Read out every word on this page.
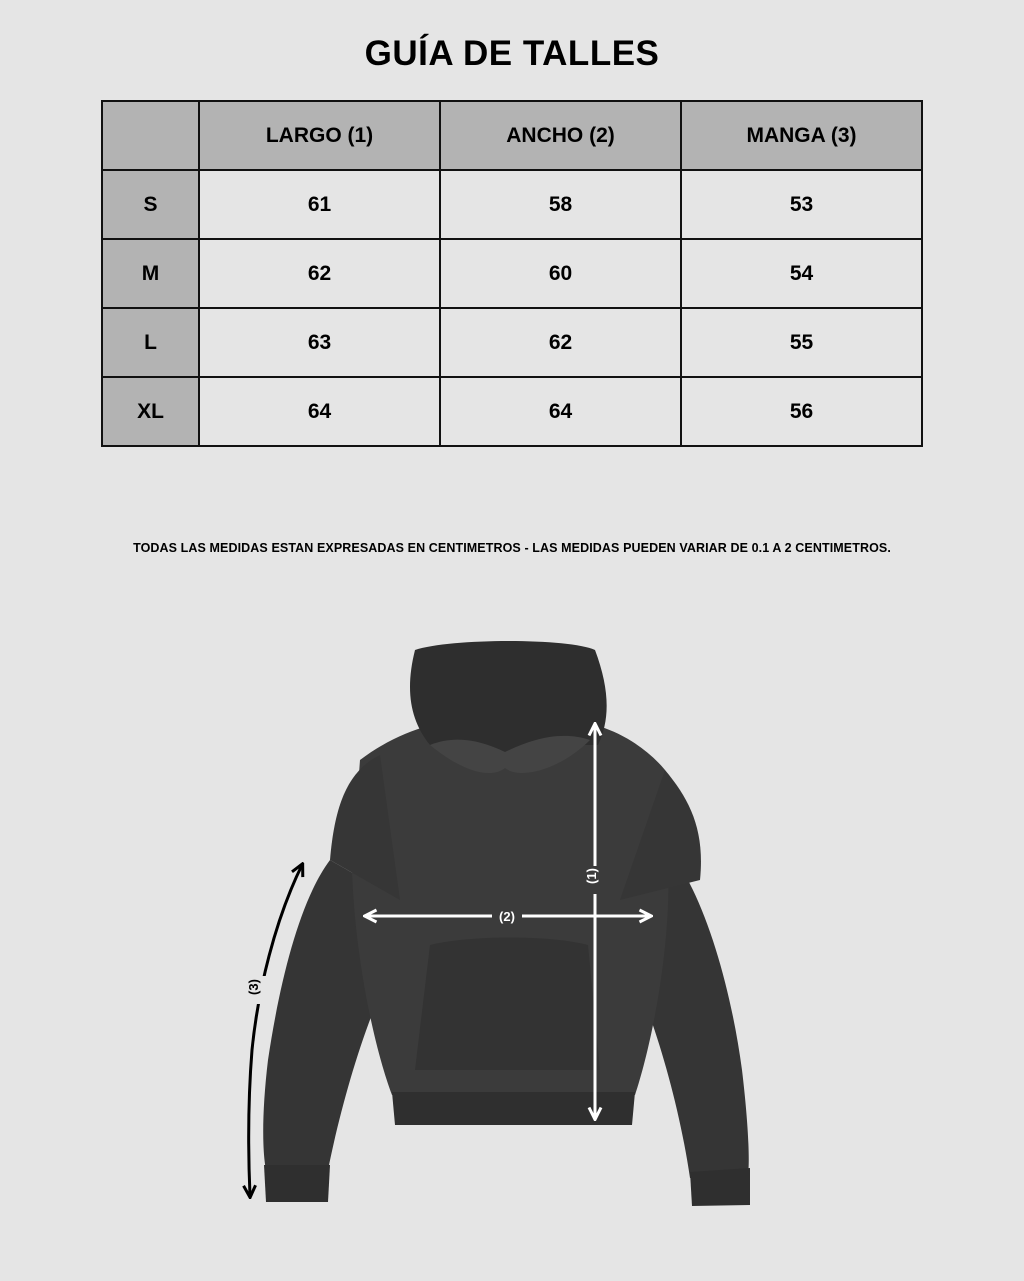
GUÍA DE TALLES
	LARGO (1)	ANCHO (2)	MANGA (3)
S	61	58	53
M	62	60	54
L	63	62	55
XL	64	64	56
TODAS LAS MEDIDAS ESTAN EXPRESADAS EN CENTIMETROS - LAS MEDIDAS PUEDEN VARIAR DE 0.1 A 2 CENTIMETROS.
(1)
(2)
(3)
